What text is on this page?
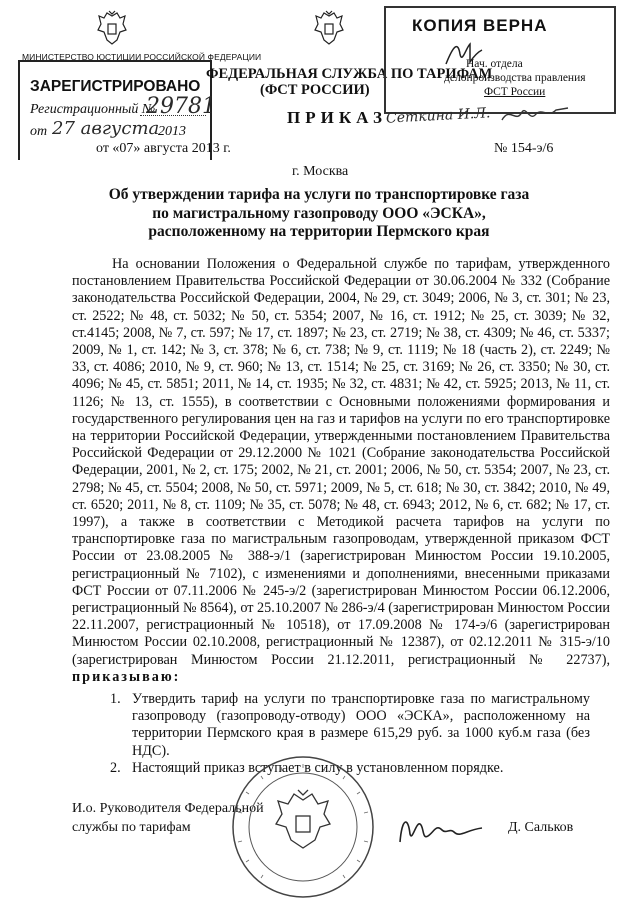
МИНИСТЕРСТВО ЮСТИЦИИ РОССИЙСКОЙ ФЕДЕРАЦИИ
ЗАРЕГИСТРИРОВАНО
Регистрационный №
29781
от 27 августа
2013
ФЕДЕРАЛЬНАЯ СЛУЖБА ПО ТАРИФАМ
(ФСТ РОССИИ)
ПРИКАЗ
КОПИЯ ВЕРНА
Нач. отдела
делопроизводства правления
ФСТ России
Сеткина И.Л.
от «07» августа 2013 г.	№ 154-э/6
г. Москва
Об утверждении тарифа на услуги по транспортировке газа по магистральному газопроводу ООО «ЭСКА», расположенному на территории Пермского края
На основании Положения о Федеральной службе по тарифам, утвержденного постановлением Правительства Российской Федерации от 30.06.2004 № 332 (Собрание законодательства Российской Федерации, 2004, № 29, ст. 3049; 2006, № 3, ст. 301; № 23, ст. 2522; № 48, ст. 5032; № 50, ст. 5354; 2007, № 16, ст. 1912; № 25, ст. 3039; № 32, ст.4145; 2008, № 7, ст. 597; № 17, ст. 1897; № 23, ст. 2719; № 38, ст. 4309; № 46, ст. 5337; 2009, № 1, ст. 142; № 3, ст. 378; № 6, ст. 738; № 9, ст. 1119; № 18 (часть 2), ст. 2249; № 33, ст. 4086; 2010, № 9, ст. 960; № 13, ст. 1514; № 25, ст. 3169; № 26, ст. 3350; № 30, ст. 4096; № 45, ст. 5851; 2011, № 14, ст. 1935; № 32, ст. 4831; № 42, ст. 5925; 2013, № 11, ст. 1126; № 13, ст. 1555), в соответствии с Основными положениями формирования и государственного регулирования цен на газ и тарифов на услуги по его транспортировке на территории Российской Федерации, утвержденными постановлением Правительства Российской Федерации от 29.12.2000 № 1021 (Собрание законодательства Российской Федерации, 2001, № 2, ст. 175; 2002, № 21, ст. 2001; 2006, № 50, ст. 5354; 2007, № 23, ст. 2798; № 45, ст. 5504; 2008, № 50, ст. 5971; 2009, № 5, ст. 618; № 30, ст. 3842; 2010, № 49, ст. 6520; 2011, № 8, ст. 1109; № 35, ст. 5078; № 48, ст. 6943; 2012, № 6, ст. 682; № 17, ст. 1997), а также в соответствии с Методикой расчета тарифов на услуги по транспортировке газа по магистральным газопроводам, утвержденной приказом ФСТ России от 23.08.2005 № 388-э/1 (зарегистрирован Минюстом России 19.10.2005, регистрационный № 7102), с изменениями и дополнениями, внесенными приказами ФСТ России от 07.11.2006 № 245-э/2 (зарегистрирован Минюстом России 06.12.2006, регистрационный № 8564), от 25.10.2007 № 286-э/4 (зарегистрирован Минюстом России 22.11.2007, регистрационный № 10518), от 17.09.2008 № 174-э/6 (зарегистрирован Минюстом России 02.10.2008, регистрационный № 12387), от 02.12.2011 № 315-э/10 (зарегистрирован Минюстом России 21.12.2011, регистрационный № 22737), приказываю:
1. Утвердить тариф на услуги по транспортировке газа по магистральному газопроводу (газопроводу-отводу) ООО «ЭСКА», расположенному на территории Пермского края в размере 615,29 руб. за 1000 куб.м газа (без НДС).
2. Настоящий приказ вступает в силу в установленном порядке.
И.о. Руководителя Федеральной
службы по тарифам	Д. Сальков
